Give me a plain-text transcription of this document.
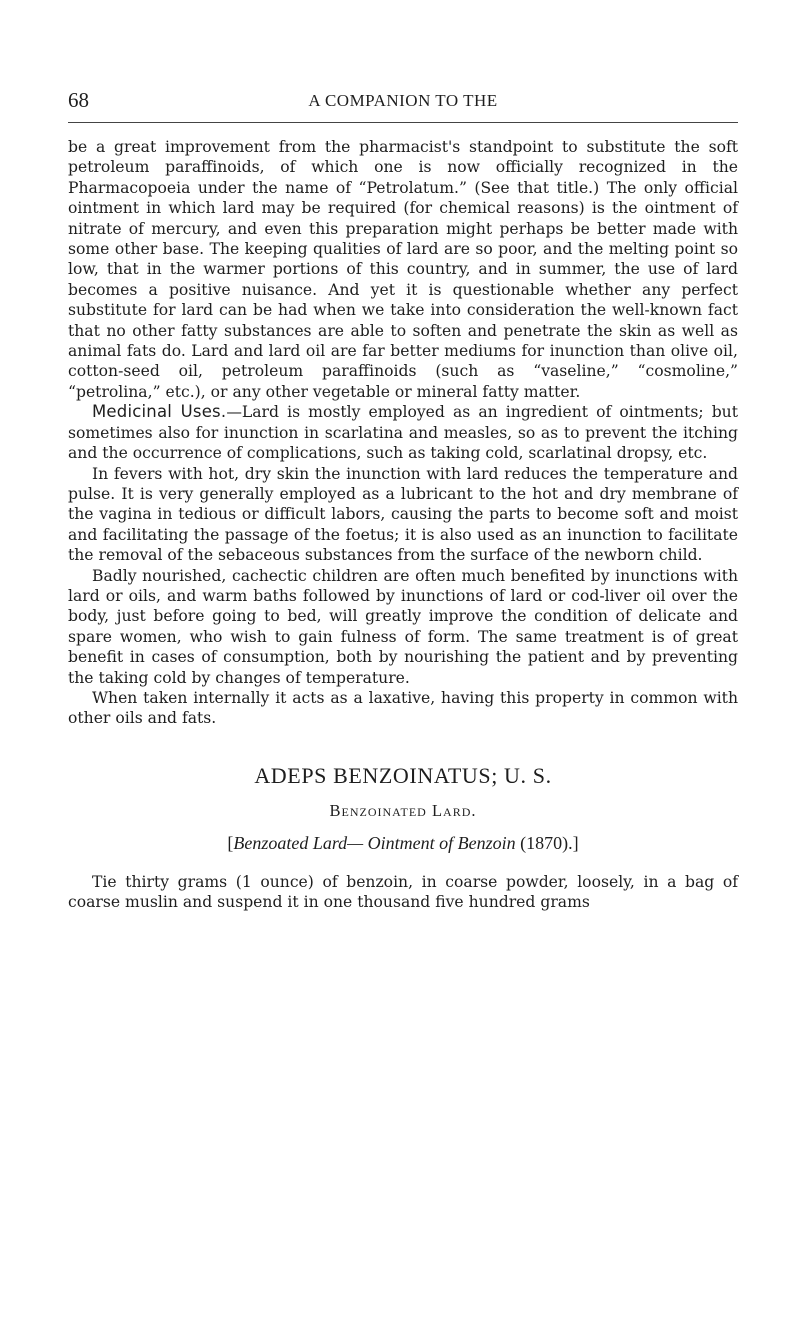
68	A COMPANION TO THE

be a great improvement from the pharmacist's standpoint to substitute the soft petroleum paraffinoids, of which one is now officially recognized in the Pharmacopoeia under the name of “Petrolatum.” (See that title.) The only official ointment in which lard may be required (for chemical reasons) is the ointment of nitrate of mercury, and even this preparation might perhaps be better made with some other base. The keeping qualities of lard are so poor, and the melting point so low, that in the warmer portions of this country, and in summer, the use of lard becomes a positive nuisance. And yet it is questionable whether any perfect substitute for lard can be had when we take into consideration the well-known fact that no other fatty substances are able to soften and penetrate the skin as well as animal fats do. Lard and lard oil are far better mediums for inunction than olive oil, cotton-seed oil, petroleum paraffinoids (such as “vaseline,” “cosmoline,” “petrolina,” etc.), or any other vegetable or mineral fatty matter.

Medicinal Uses.—Lard is mostly employed as an ingredient of ointments; but sometimes also for inunction in scarlatina and measles, so as to prevent the itching and the occurrence of complications, such as taking cold, scarlatinal dropsy, etc.

In fevers with hot, dry skin the inunction with lard reduces the temperature and pulse. It is very generally employed as a lubricant to the hot and dry membrane of the vagina in tedious or difficult labors, causing the parts to become soft and moist and facilitating the passage of the foetus; it is also used as an inunction to facilitate the removal of the sebaceous substances from the surface of the newborn child.

Badly nourished, cachectic children are often much benefited by inunctions with lard or oils, and warm baths followed by inunctions of lard or cod-liver oil over the body, just before going to bed, will greatly improve the condition of delicate and spare women, who wish to gain fulness of form. The same treatment is of great benefit in cases of consumption, both by nourishing the patient and by preventing the taking cold by changes of temperature.

When taken internally it acts as a laxative, having this property in common with other oils and fats.

ADEPS BENZOINATUS; U. S.

Benzoinated Lard.

[Benzoated Lard— Ointment of Benzoin (1870).]

Tie thirty grams (1 ounce) of benzoin, in coarse powder, loosely, in a bag of coarse muslin and suspend it in one thousand five hundred grams
